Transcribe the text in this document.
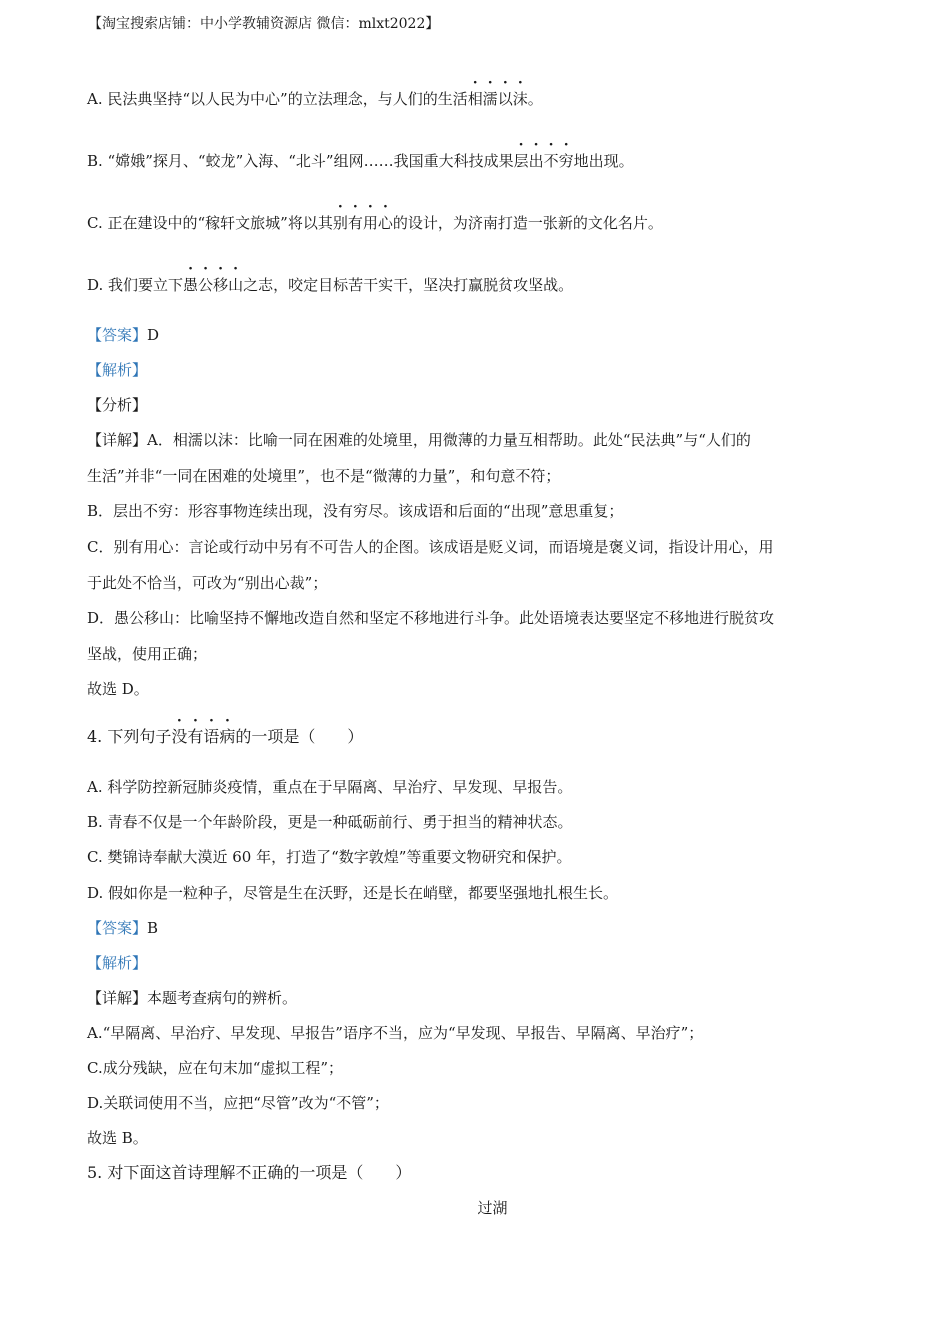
【淘宝搜索店铺：中小学教辅资源店 微信：mlxt2022】
A. 民法典坚持“以人民为中心”的立法理念，与人们的生活相濡以沫。
B. “嫦娥”探月、“蛟龙”入海、“北斗”组网……我国重大科技成果层出不穷地出现。
C. 正在建设中的“稼轩文旅城”将以其别有用心的设计，为济南打造一张新的文化名片。
D. 我们要立下愚公移山之志，咬定目标苦干实干，坚决打赢脱贫攻坚战。
【答案】D
【解析】
【分析】
【详解】A．相濡以沫：比喻一同在困难的处境里，用微薄的力量互相帮助。此处“民法典”与“人们的
生活”并非“一同在困难的处境里”，也不是“微薄的力量”，和句意不符；
B．层出不穷：形容事物连续出现，没有穷尽。该成语和后面的“出现”意思重复；
C．别有用心：言论或行动中另有不可告人的企图。该成语是贬义词，而语境是褒义词，指设计用心，用
于此处不恰当，可改为“别出心裁”；
D．愚公移山：比喻坚持不懈地改造自然和坚定不移地进行斗争。此处语境表达要坚定不移地进行脱贫攻
坚战，使用正确；
故选 D。
4. 下列句子没有语病的一项是（　　）
A. 科学防控新冠肺炎疫情，重点在于早隔离、早治疗、早发现、早报告。
B. 青春不仅是一个年龄阶段，更是一种砥砺前行、勇于担当的精神状态。
C. 樊锦诗奉献大漠近 60 年，打造了“数字敦煌”等重要文物研究和保护。
D. 假如你是一粒种子，尽管是生在沃野，还是长在峭壁，都要坚强地扎根生长。
【答案】B
【解析】
【详解】本题考查病句的辨析。
A.“早隔离、早治疗、早发现、早报告”语序不当，应为“早发现、早报告、早隔离、早治疗”；
C.成分残缺，应在句末加“虚拟工程”；
D.关联词使用不当，应把“尽管”改为“不管”；
故选 B。
5. 对下面这首诗理解不正确的一项是（　　）
过湖
